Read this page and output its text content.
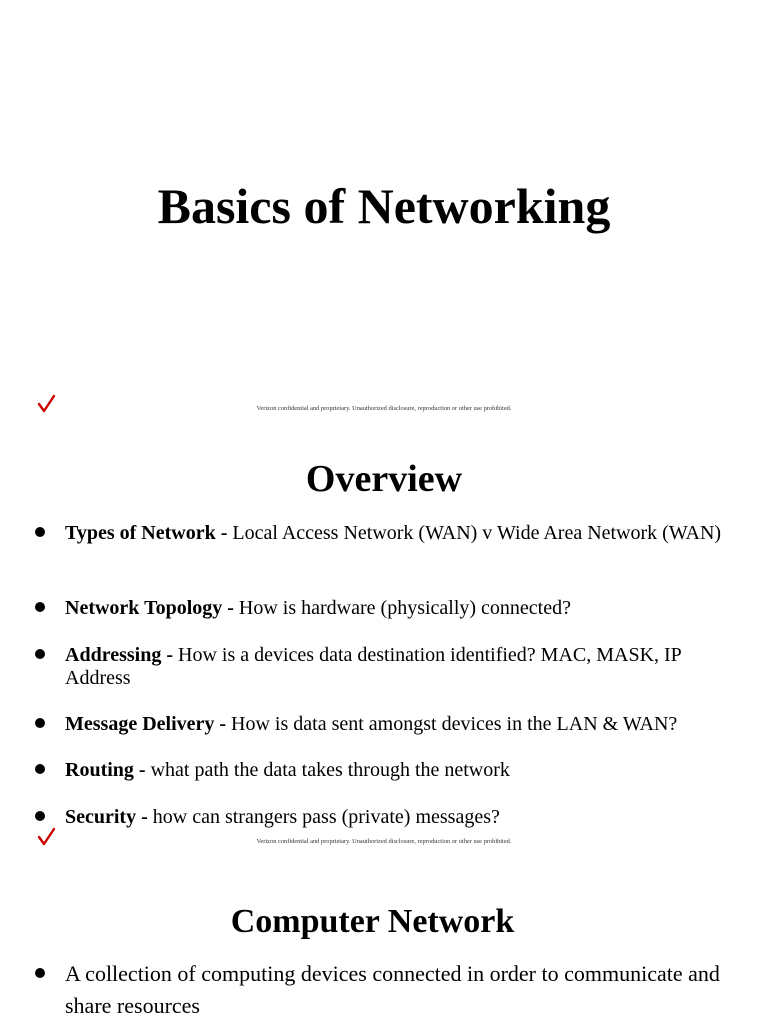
Basics of Networking
Verizon confidential and proprietary. Unauthorized disclosure, reproduction or other use prohibited.
Overview
Types of Network - Local Access Network (WAN) v Wide Area Network (WAN)
Network Topology - How is hardware (physically) connected?
Addressing - How is a devices data destination identified? MAC, MASK, IP Address
Message Delivery - How is data sent amongst devices in the LAN & WAN?
Routing - what path the data takes through the network
Security - how can strangers pass (private) messages?
Verizon confidential and proprietary. Unauthorized disclosure, reproduction or other use prohibited.
Computer Network
A collection of computing devices connected in order to communicate and share resources
